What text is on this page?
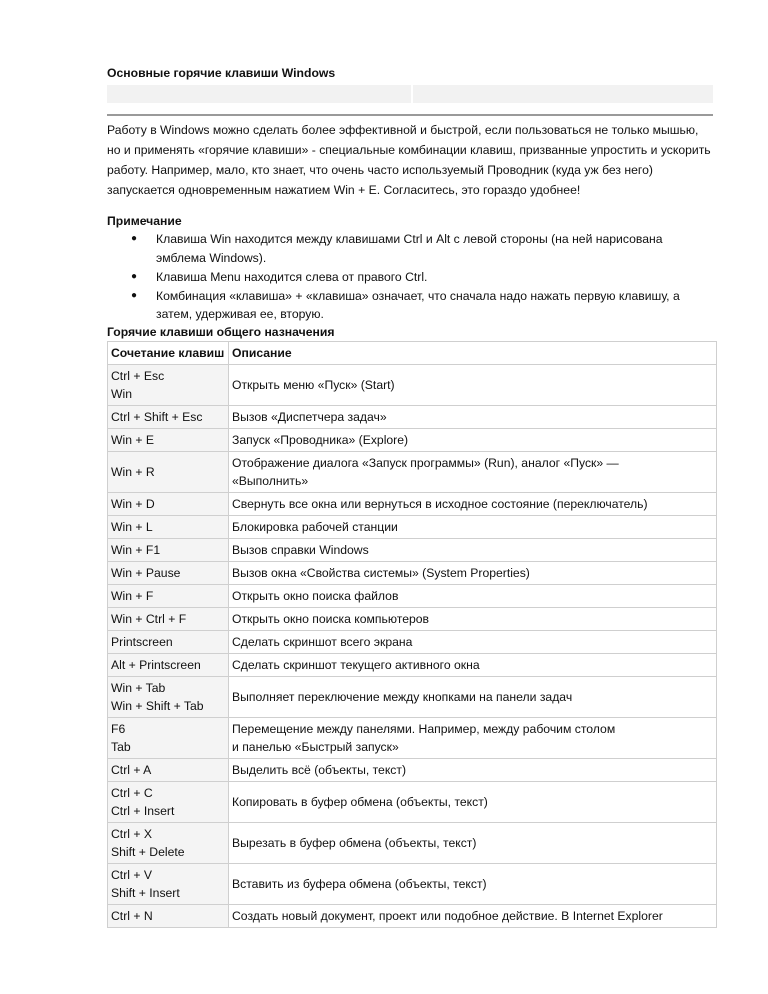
Основные горячие клавиши Windows
Работу в Windows можно сделать более эффективной и быстрой, если пользоваться не только мышью, но и применять «горячие клавиши» - специальные комбинации клавиш, призванные упростить и ускорить работу. Например, мало, кто знает, что очень часто используемый Проводник (куда уж без него) запускается одновременным нажатием Win + E. Согласитесь, это гораздо удобнее!
Примечание
● Клавиша Win находится между клавишами Ctrl и Alt с левой стороны (на ней нарисована эмблема Windows).
● Клавиша Menu находится слева от правого Ctrl.
● Комбинация «клавиша» + «клавиша» означает, что сначала надо нажать первую клавишу, а затем, удерживая ее, вторую.
Горячие клавиши общего назначения
Сочетание клавиш	Описание

Ctrl + Esc
Win	Открыть меню «Пуск» (Start)

Ctrl + Shift + Esc	Вызов «Диспетчера задач»

Win + E	Запуск «Проводника» (Explore)

Win + R	Отображение диалога «Запуск программы» (Run), аналог «Пуск» —
«Выполнить»

Win + D	Свернуть все окна или вернуться в исходное состояние (переключатель)

Win + L	Блокировка рабочей станции

Win + F1	Вызов справки Windows

Win + Pause	Вызов окна «Свойства системы» (System Properties)

Win + F	Открыть окно поиска файлов

Win + Ctrl + F	Открыть окно поиска компьютеров

Printscreen	Сделать скриншот всего экрана

Alt + Printscreen	Сделать скриншот текущего активного окна

Win + Tab
Win + Shift + Tab	Выполняет переключение между кнопками на панели задач

F6
Tab	Перемещение между панелями. Например, между рабочим столом
и панелью «Быстрый запуск»

Ctrl + A	Выделить всё (объекты, текст)

Ctrl + C
Ctrl + Insert	Копировать в буфер обмена (объекты, текст)

Ctrl + X
Shift + Delete	Вырезать в буфер обмена (объекты, текст)

Ctrl + V
Shift + Insert	Вставить из буфера обмена (объекты, текст)

Ctrl + N	Создать новый документ, проект или подобное действие. В Internet Explorer
